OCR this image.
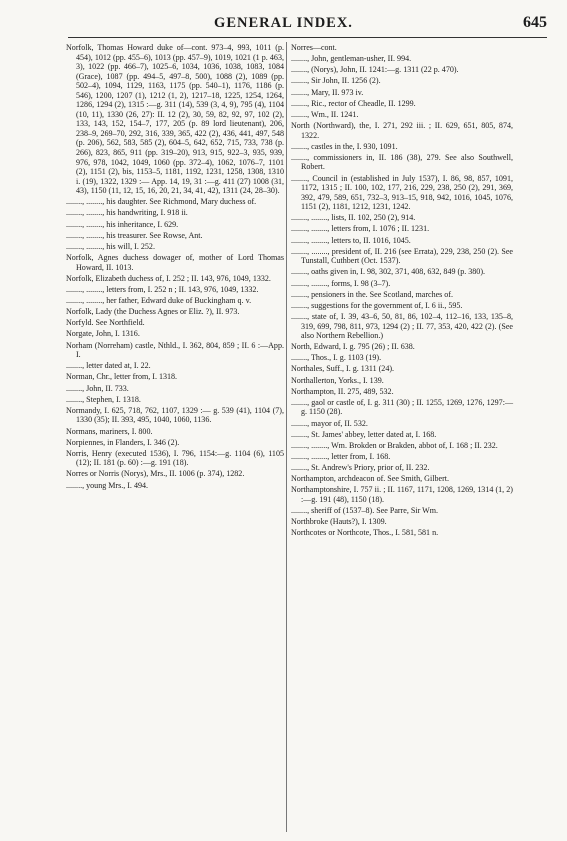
GENERAL INDEX.	645

Norfolk, Thomas Howard duke of—cont. 973–4, 993, 1011 (p. 454), 1012 (pp. 455–6), 1013 (pp. 457–9), 1019, 1021 (1 p. 463, 3), 1022 (pp. 466–7), 1025–6, 1034, 1036, 1038, 1083, 1084 (Grace), 1087 (pp. 494–5, 497–8, 500), 1088 (2), 1089 (pp. 502–4), 1094, 1129, 1163, 1175 (pp. 540–1), 1176, 1186 (p. 546), 1200, 1207 (1), 1212 (1, 2), 1217–18, 1225, 1254, 1264, 1286, 1294 (2), 1315 :—g. 311 (14), 539 (3, 4, 9), 795 (4), 1104 (10, 11), 1330 (26, 27): II. 12 (2), 30, 59, 82, 92, 97, 102 (2), 133, 143, 152, 154–7, 177, 205 (p. 89 lord lieutenant), 206, 238–9, 269–70, 292, 316, 339, 365, 422 (2), 436, 441, 497, 548 (p. 206), 562, 583, 585 (2), 604–5, 642, 652, 715, 733, 738 (p. 266), 823, 865, 911 (pp. 319–20), 913, 915, 922–3, 935, 939, 976, 978, 1042, 1049, 1060 (pp. 372–4), 1062, 1076–7, 1101 (2), 1151 (2), bis, 1153–5, 1181, 1192, 1231, 1258, 1308, 1310 i. (19), 1322, 1329 :— App. 14, 19, 31 :—g. 411 (27) 1008 (31, 43), 1150 (11, 12, 15, 16, 20, 21, 34, 41, 42), 1311 (24, 28–30).

........, ........, his daughter. See Richmond, Mary duchess of.

........, ........, his handwriting, I. 918 ii.

........, ........, his inheritance, I. 629.

........, ........, his treasurer. See Rowse, Ant.

........, ........, his will, I. 252.

Norfolk, Agnes duchess dowager of, mother of Lord Thomas Howard, II. 1013.

Norfolk, Elizabeth duchess of, I. 252 ; II. 143, 976, 1049, 1332.

........, ........, letters from, I. 252 n ; II. 143, 976, 1049, 1332.

........, ........, her father, Edward duke of Buckingham q. v.

Norfolk, Lady (the Duchess Agnes or Eliz. ?), II. 973.

Norfyld. See Northfield.

Norgate, John, I. 1316.

Norham (Norreham) castle, Nthld., I. 362, 804, 859 ; II. 6 :—App. I.

........, letter dated at, I. 22.

Norman, Chr., letter from, I. 1318.

........, John, II. 733.

........, Stephen, I. 1318.

Normandy, I. 625, 718, 762, 1107, 1329 :— g. 539 (41), 1104 (7), 1330 (35); II. 393, 495, 1040, 1060, 1136.

Normans, mariners, I. 800.

Norpiennes, in Flanders, I. 346 (2).

Norris, Henry (executed 1536), I. 796, 1154:—g. 1104 (6), 1105 (12); II. 181 (p. 60) :—g. 191 (18).

Norres or Norris (Norys), Mrs., II. 1006 (p. 374), 1282.

........, young Mrs., I. 494.

Norres—cont.

........, John, gentleman-usher, II. 994.

........, (Norys), John, II. 1241:—g. 1311 (22 p. 470).

........, Sir John, II. 1256 (2).

........, Mary, II. 973 iv.

........, Ric., rector of Cheadle, II. 1299.

........, Wm., II. 1241.

North (Northward), the, I. 271, 292 iii. ; II. 629, 651, 805, 874, 1322.

........, castles in the, I. 930, 1091.

........, commissioners in, II. 186 (38), 279. See also Southwell, Robert.

........, Council in (established in July 1537), I. 86, 98, 857, 1091, 1172, 1315 ; II. 100, 102, 177, 216, 229, 238, 250 (2), 291, 369, 392, 479, 589, 651, 732–3, 913–15, 918, 942, 1016, 1045, 1076, 1151 (2), 1181, 1212, 1231, 1242.

........, ........, lists, II. 102, 250 (2), 914.

........, ........, letters from, I. 1076 ; II. 1231.

........, ........, letters to, II. 1016, 1045.

........, ........, president of, II. 216 (see Errata), 229, 238, 250 (2). See Tunstall, Cuthbert (Oct. 1537).

........, oaths given in, I. 98, 302, 371, 408, 632, 849 (p. 380).

........, ........, forms, I. 98 (3–7).

........, pensioners in the. See Scotland, marches of.

........, suggestions for the government of, I. 6 ii., 595.

........, state of, I. 39, 43–6, 50, 81, 86, 102–4, 112–16, 133, 135–8, 319, 699, 798, 811, 973, 1294 (2) ; II. 77, 353, 420, 422 (2). (See also Northern Rebellion.)

North, Edward, I. g. 795 (26) ; II. 638.

........, Thos., I. g. 1103 (19).

Northales, Suff., I. g. 1311 (24).

Northallerton, Yorks., I. 139.

Northampton, II. 275, 489, 532.

........, gaol or castle of, I. g. 311 (30) ; II. 1255, 1269, 1276, 1297:—g. 1150 (28).

........, mayor of, II. 532.

........, St. James' abbey, letter dated at, I. 168.

........, ........, Wm. Brokden or Brakden, abbot of, I. 168 ; II. 232.

........, ........, letter from, I. 168.

........, St. Andrew's Priory, prior of, II. 232.

Northampton, archdeacon of. See Smith, Gilbert.

Northamptonshire, I. 757 ii. ; II. 1167, 1171, 1208, 1269, 1314 (1, 2) :—g. 191 (48), 1150 (18).

........, sheriff of (1537–8). See Parre, Sir Wm.

Northbroke (Hauts?), I. 1309.

Northcotes or Northcote, Thos., I. 581, 581 n.
